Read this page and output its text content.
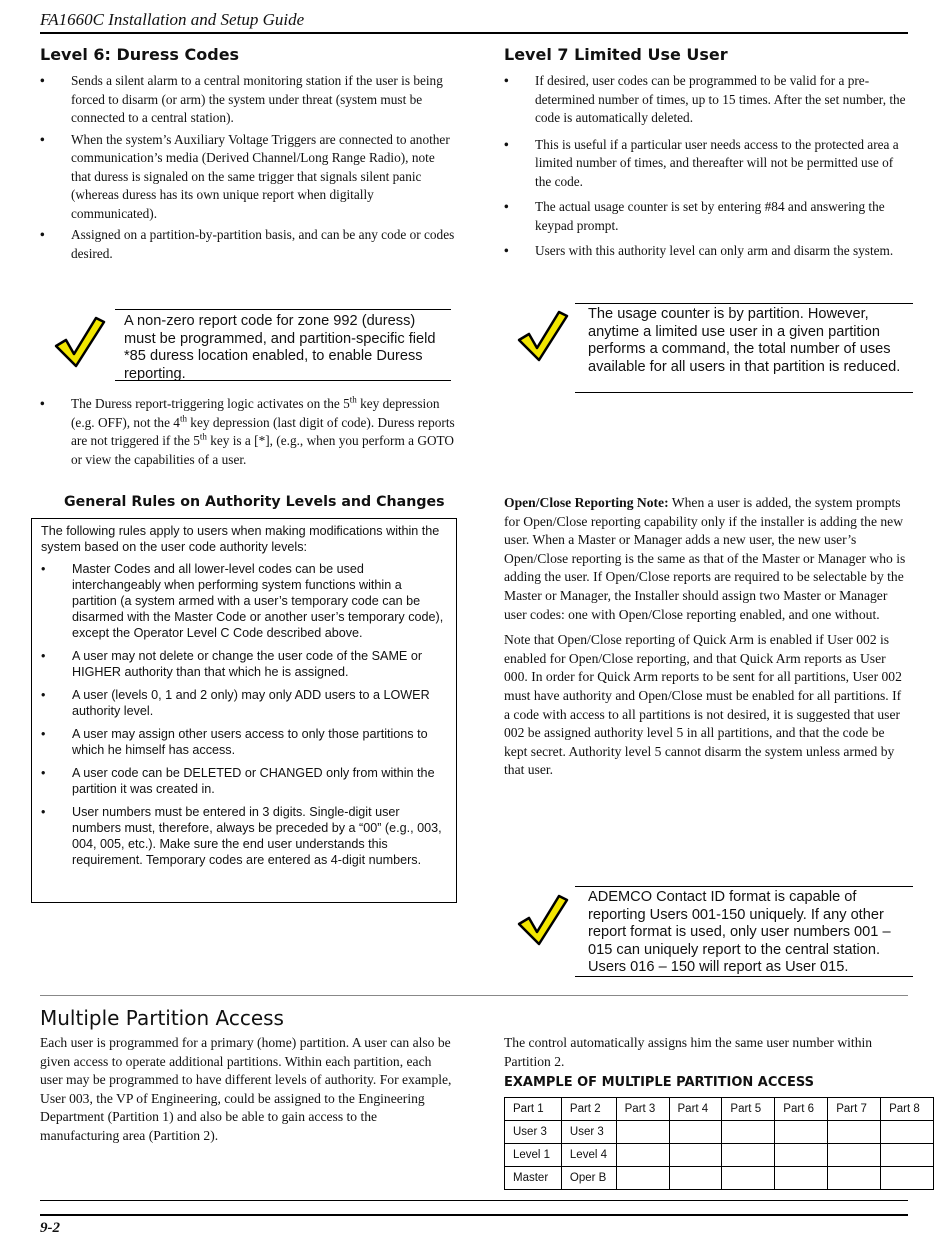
FA1660C Installation and Setup Guide
Level 6: Duress Codes
• Sends a silent alarm to a central monitoring station if the user is being forced to disarm (or arm) the system under threat (system must be connected to a central station).
• When the system’s Auxiliary Voltage Triggers are connected to another communication’s media (Derived Channel/Long Range Radio), note that duress is signaled on the same trigger that signals silent panic (whereas duress has its own unique report when digitally communicated).
• Assigned on a partition-by-partition basis, and can be any code or codes desired.
A non-zero report code for zone 992 (duress) must be programmed, and partition-specific field *85 duress location enabled, to enable Duress reporting.
• The Duress report-triggering logic activates on the 5th key depression (e.g. OFF), not the 4th key depression (last digit of code). Duress reports are not triggered if the 5th key is a [*], (e.g., when you perform a GOTO or view the capabilities of a user.
General Rules on Authority Levels and Changes

The following rules apply to users when making modifications within the system based on the user code authority levels:

• Master Codes and all lower-level codes can be used interchangeably when performing system functions within a partition (a system armed with a user’s temporary code can be disarmed with the Master Code or another user’s temporary code), except the Operator Level C Code described above.
• A user may not delete or change the user code of the SAME or HIGHER authority than that which he is assigned.
• A user (levels 0, 1 and 2 only) may only ADD users to a LOWER authority level.
• A user may assign other users access to only those partitions to which he himself has access.
• A user code can be DELETED or CHANGED only from within the partition it was created in.
• User numbers must be entered in 3 digits. Single-digit user numbers must, therefore, always be preceded by a “00” (e.g., 003, 004, 005, etc.). Make sure the end user understands this requirement. Temporary codes are entered as 4-digit numbers.
Level 7 Limited Use User
• If desired, user codes can be programmed to be valid for a pre-determined number of times, up to 15 times. After the set number, the code is automatically deleted.
• This is useful if a particular user needs access to the protected area a limited number of times, and thereafter will not be permitted use of the code.
• The actual usage counter is set by entering #84 and answering the keypad prompt.
• Users with this authority level can only arm and disarm the system.
The usage counter is by partition. However, anytime a limited use user in a given partition performs a command, the total number of uses available for all users in that partition is reduced.

Open/Close Reporting Note: When a user is added, the system prompts for Open/Close reporting capability only if the installer is adding the new user. When a Master or Manager adds a new user, the new user’s Open/Close reporting is the same as that of the Master or Manager who is adding the user. If Open/Close reports are required to be selectable by the Master or Manager, the Installer should assign two Master or Manager user codes: one with Open/Close reporting enabled, and one without.

Note that Open/Close reporting of Quick Arm is enabled if User 002 is enabled for Open/Close reporting, and that Quick Arm reports as User 000. In order for Quick Arm reports to be sent for all partitions, User 002 must have authority and Open/Close must be enabled for all partitions. If a code with access to all partitions is not desired, it is suggested that user 002 be assigned authority level 5 in all partitions, and that the code be kept secret. Authority level 5 cannot disarm the system unless armed by that user.

ADEMCO Contact ID format is capable of reporting Users 001-150 uniquely. If any other report format is used, only user numbers 001 – 015 can uniquely report to the central station. Users 016 – 150 will report as User 015.
Multiple Partition Access

Each user is programmed for a primary (home) partition. A user can also be given access to operate additional partitions. Within each partition, each user may be programmed to have different levels of authority. For example, User 003, the VP of Engineering, could be assigned to the Engineering Department (Partition 1) and also be able to gain access to the manufacturing area (Partition 2).

The control automatically assigns him the same user number within Partition 2.

EXAMPLE OF MULTIPLE PARTITION ACCESS
Part 1	Part 2	Part 3	Part 4	Part 5	Part 6	Part 7	Part 8
User 3	User 3						
Level 1	Level 4						
Master	Oper B						
9-2
